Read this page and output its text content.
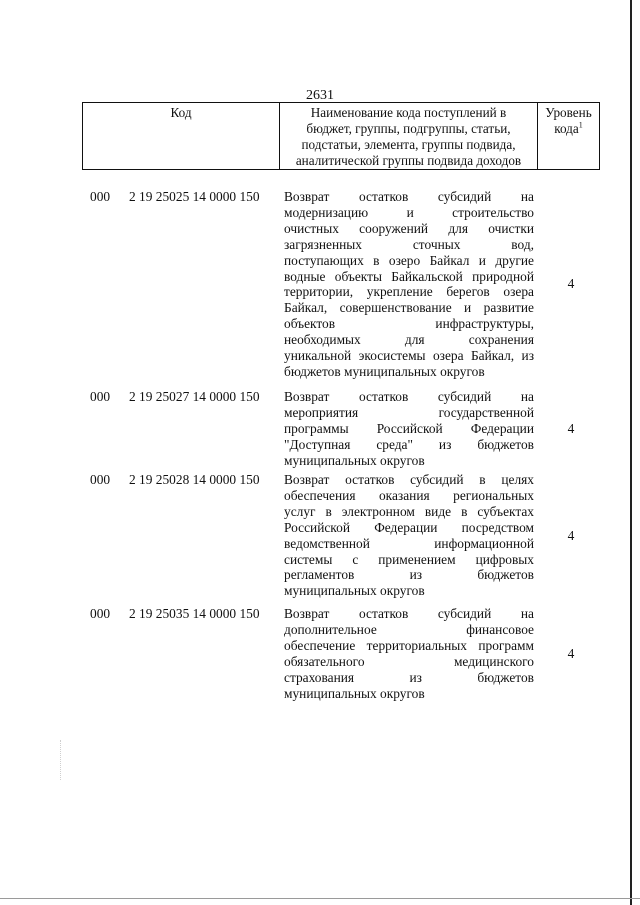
2631
Код	Наименование кода поступлений в
бюджет, группы, подгруппы, статьи,
подстатьи, элемента, группы подвида,
аналитической группы подвида доходов
Уровень
кода$^1$
000 2 19 25025 14 0000 150 Возврат остатков субсидий на
модернизацию и строительство
очистных сооружений для очистки
загрязненных сточных вод,
поступающих в озеро Байкал и другие
водные объекты Байкальской природной
территории, укрепление берегов озера
Байкал, совершенствование и развитие
объектов инфраструктуры,
необходимых для сохранения
уникальной экосистемы озера Байкал, из
бюджетов муниципальных округов
4
000 2 19 25027 14 0000 150 Возврат остатков субсидий на
мероприятия государственной
программы Российской Федерации
"Доступная среда" из бюджетов
муниципальных округов
4
000 2 19 25028 14 0000 150 Возврат остатков субсидий в целях
обеспечения оказания региональных
услуг в электронном виде в субъектах
Российской Федерации посредством
ведомственной информационной
системы с применением цифровых
регламентов из бюджетов
муниципальных округов
4
000 2 19 25035 14 0000 150 Возврат остатков субсидий на
дополнительное финансовое
обеспечение территориальных программ
обязательного медицинского
страхования из бюджетов
муниципальных округов
4
